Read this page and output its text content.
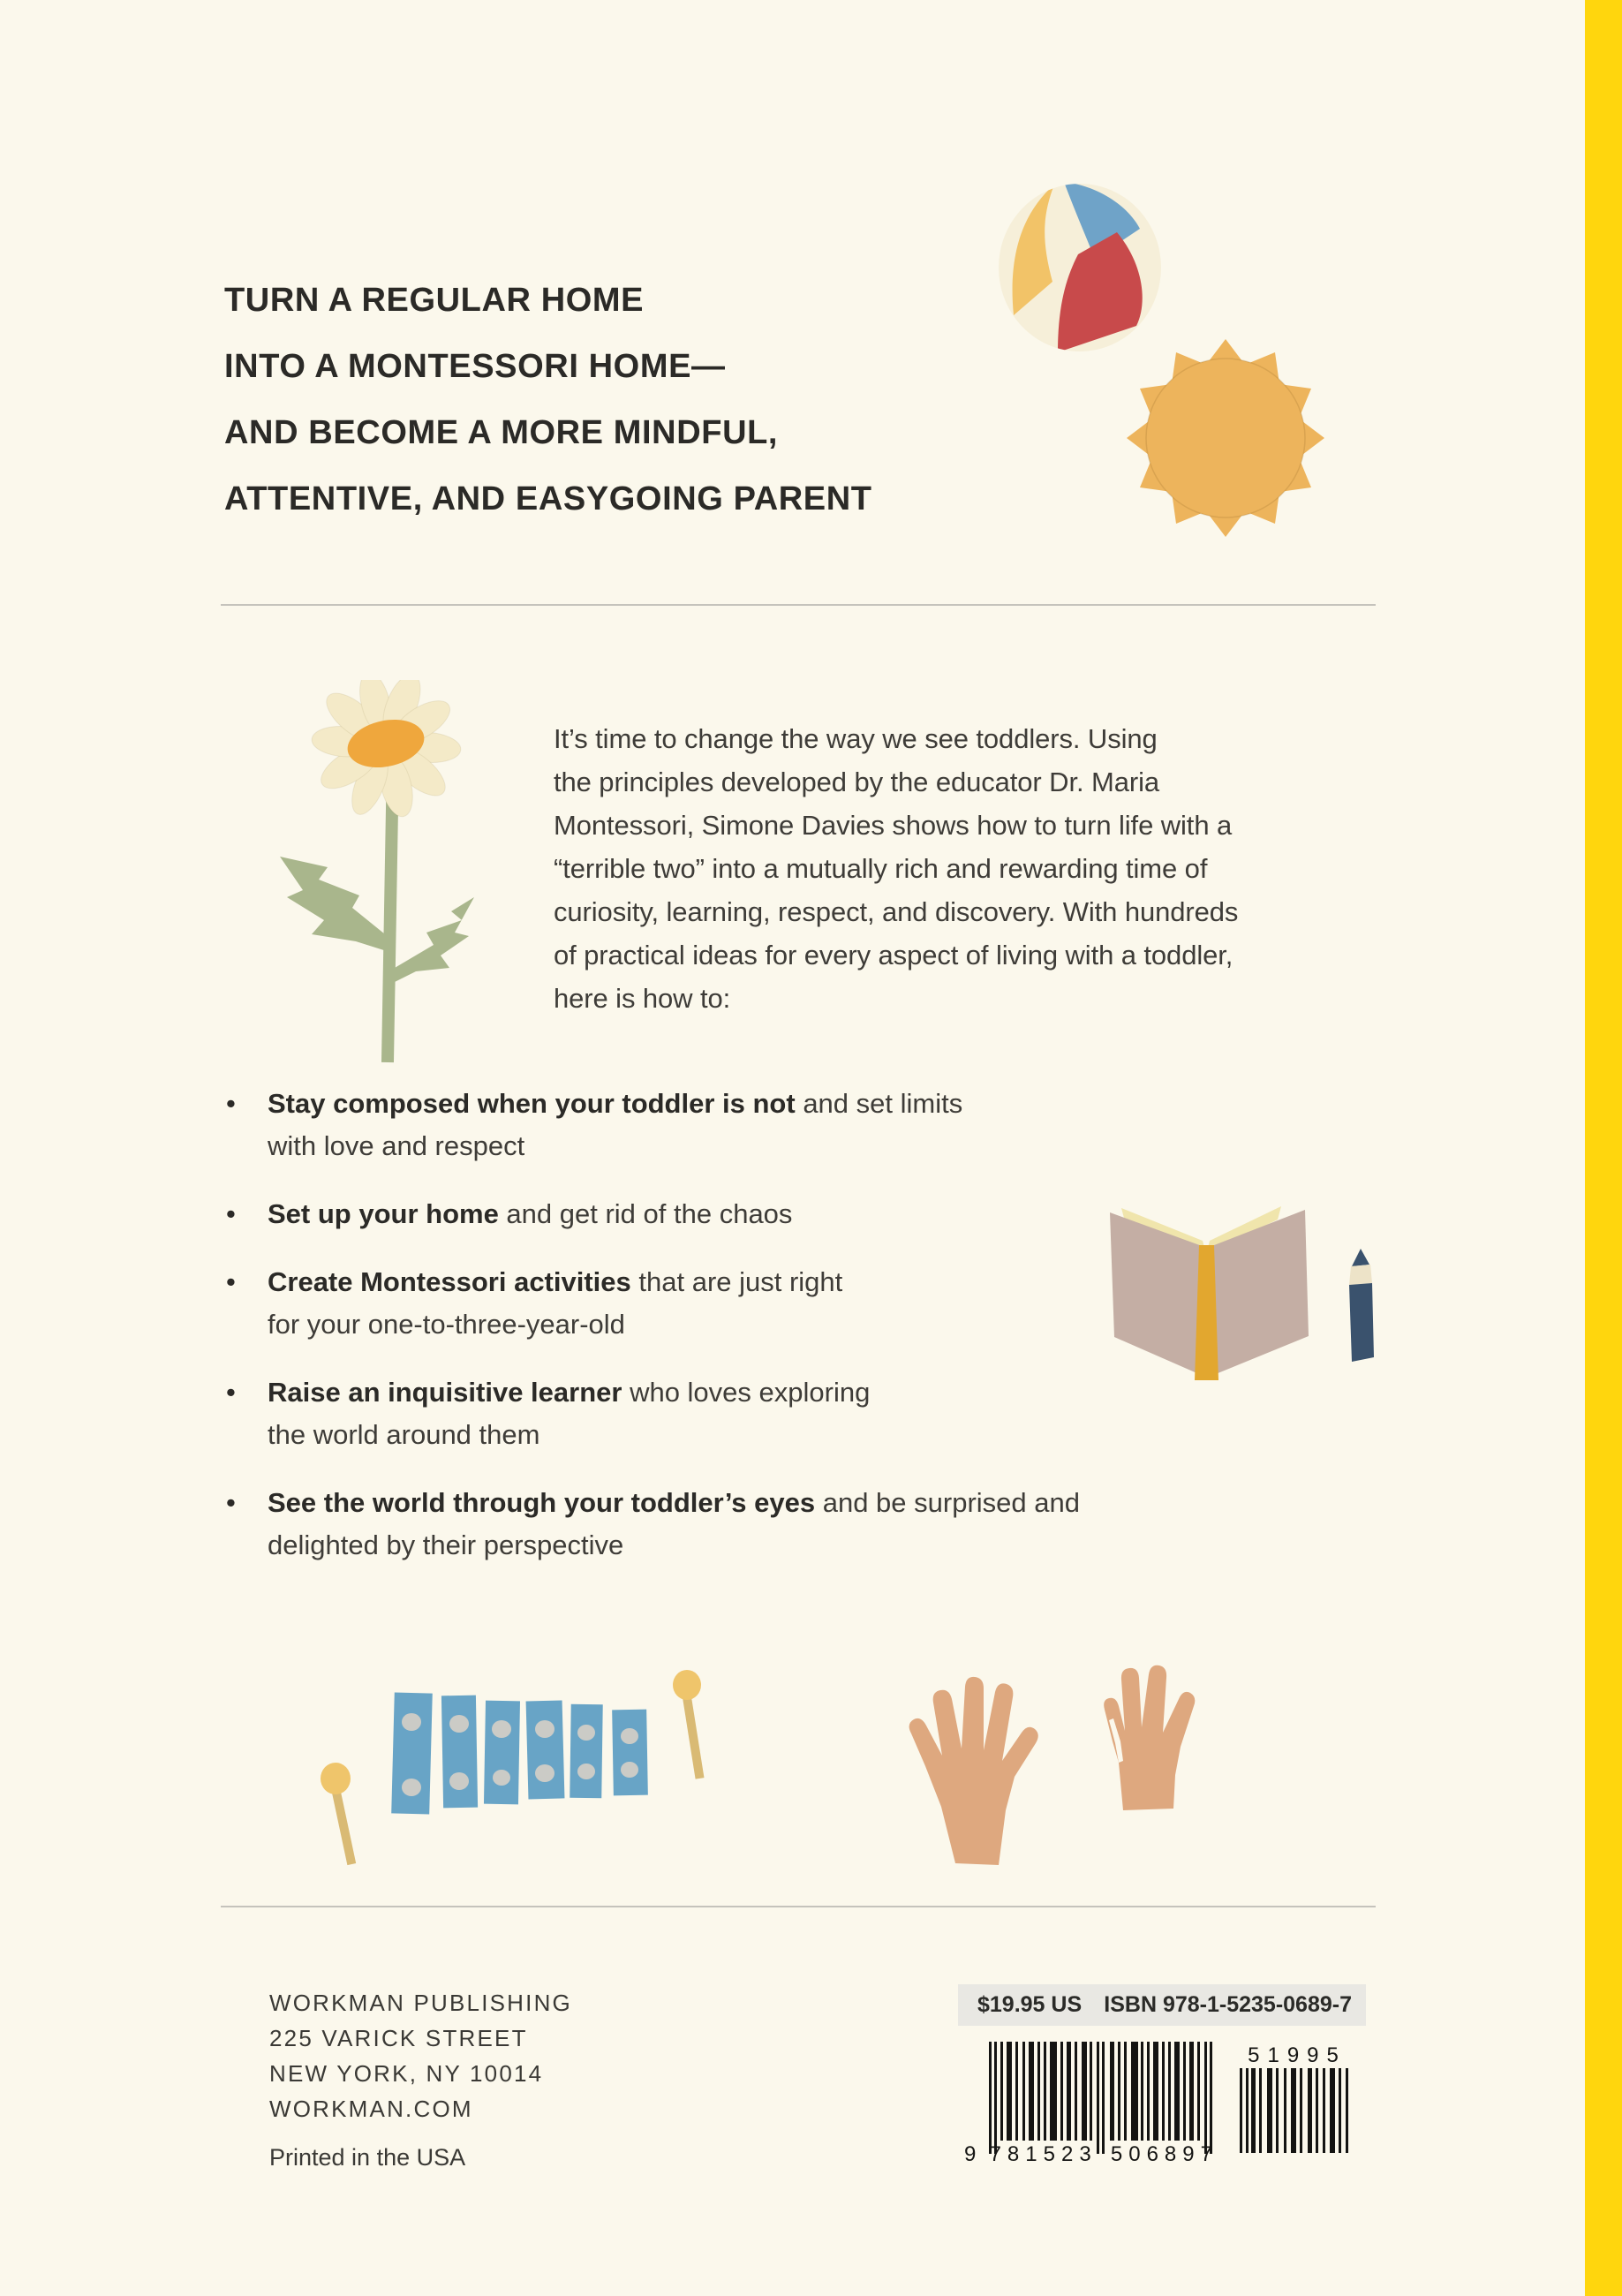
TURN A REGULAR HOME
INTO A MONTESSORI HOME—
AND BECOME A MORE MINDFUL,
ATTENTIVE, AND EASYGOING PARENT
It’s time to change the way we see toddlers. Using
the principles developed by the educator Dr. Maria
Montessori, Simone Davies shows how to turn life with a
“terrible two” into a mutually rich and rewarding time of
curiosity, learning, respect, and discovery. With hundreds
of practical ideas for every aspect of living with a toddler,
here is how to:
• Stay composed when your toddler is not and set limits
with love and respect
• Set up your home and get rid of the chaos
• Create Montessori activities that are just right
for your one-to-three-year-old
• Raise an inquisitive learner who loves exploring
the world around them
• See the world through your toddler’s eyes and be surprised and
delighted by their perspective
WORKMAN PUBLISHING
225 VARICK STREET
NEW YORK, NY 10014
WORKMAN.COM
Printed in the USA
$19.95 US ISBN 978-1-5235-0689-7
9 781523 506897
51995
